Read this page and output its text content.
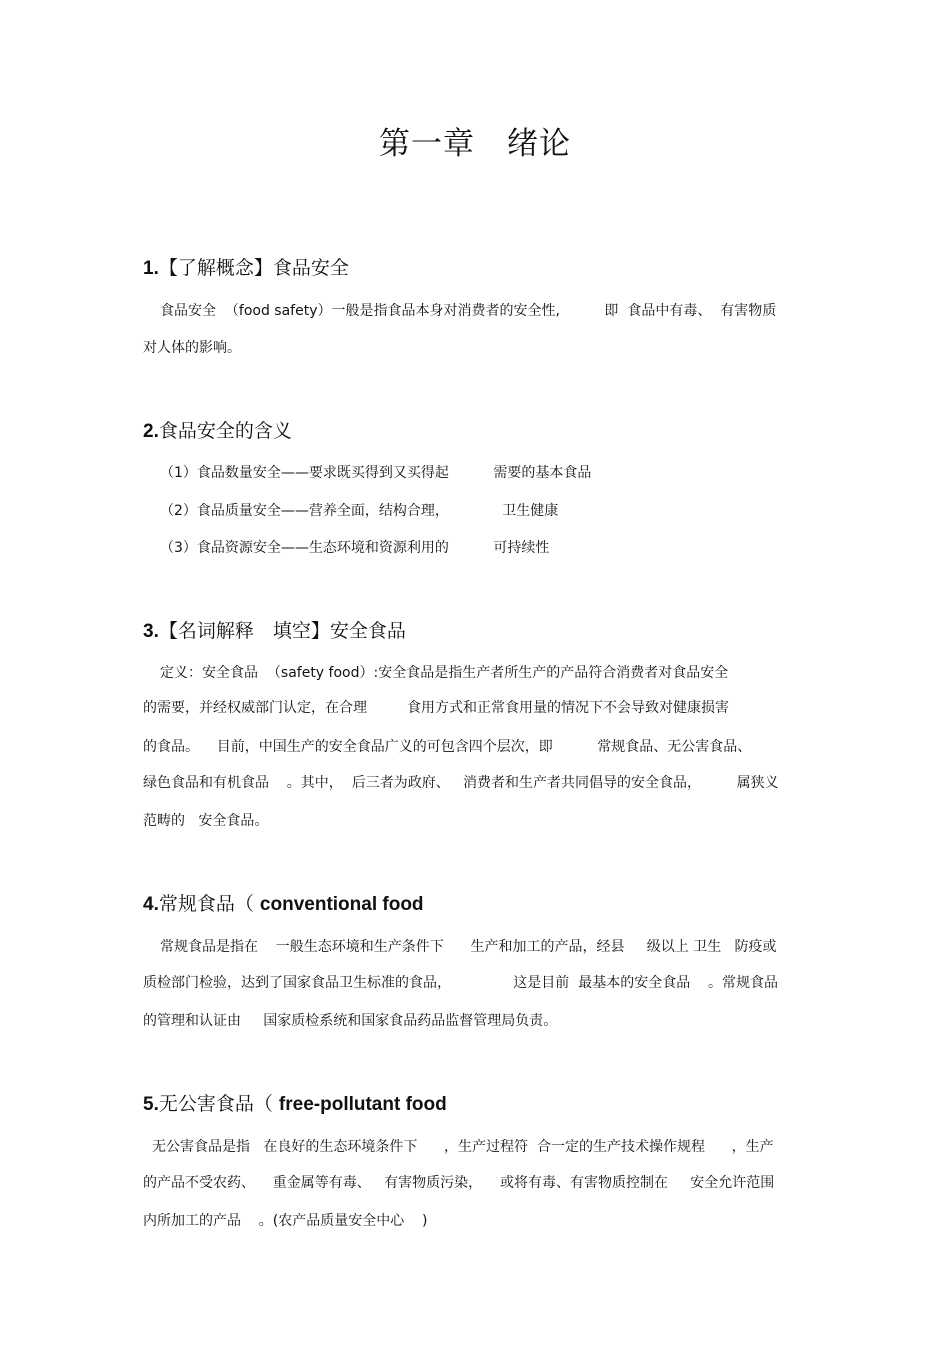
第一章　绪论
1.【了解概念】食品安全

食品安全  （food safety）一般是指食品本身对消费者的安全性,          即  食品中有毒、  有害物质

对人体的影响。

2.食品安全的含义

（1）食品数量安全——要求既买得到又买得起          需要的基本食品

（2）食品质量安全——营养全面，结构合理，            卫生健康

（3）食品资源安全——生态环境和资源利用的          可持续性

3.【名词解释　填空】安全食品

定义：安全食品  （safety food）:安全食品是指生产者所生产的产品符合消费者对食品安全

的需要，并经权威部门认定，在合理         食用方式和正常食用量的情况下不会导致对健康损害

的食品。    目前，中国生产的安全食品广义的可包含四个层次，即          常规食品、无公害食品、

绿色食品和有机食品    。其中，  后三者为政府、   消费者和生产者共同倡导的安全食品，        属狭义

范畴的   安全食品。

4.常规食品（ conventional food

常规食品是指在    一般生态环境和生产条件下      生产和加工的产品，经县     级以上 卫生   防疫或

质检部门检验，达到了国家食品卫生标准的食品，              这是目前  最基本的安全食品    。常规食品

的管理和认证由     国家质检系统和国家食品药品监督管理局负责。

5.无公害食品（ free-pollutant food

无公害食品是指   在良好的生态环境条件下      ，生产过程符  合一定的生产技术操作规程      ，生产

的产品不受农药、    重金属等有毒、   有害物质污染，    或将有毒、有害物质控制在     安全允许范围

内所加工的产品    。(农产品质量安全中心    )
